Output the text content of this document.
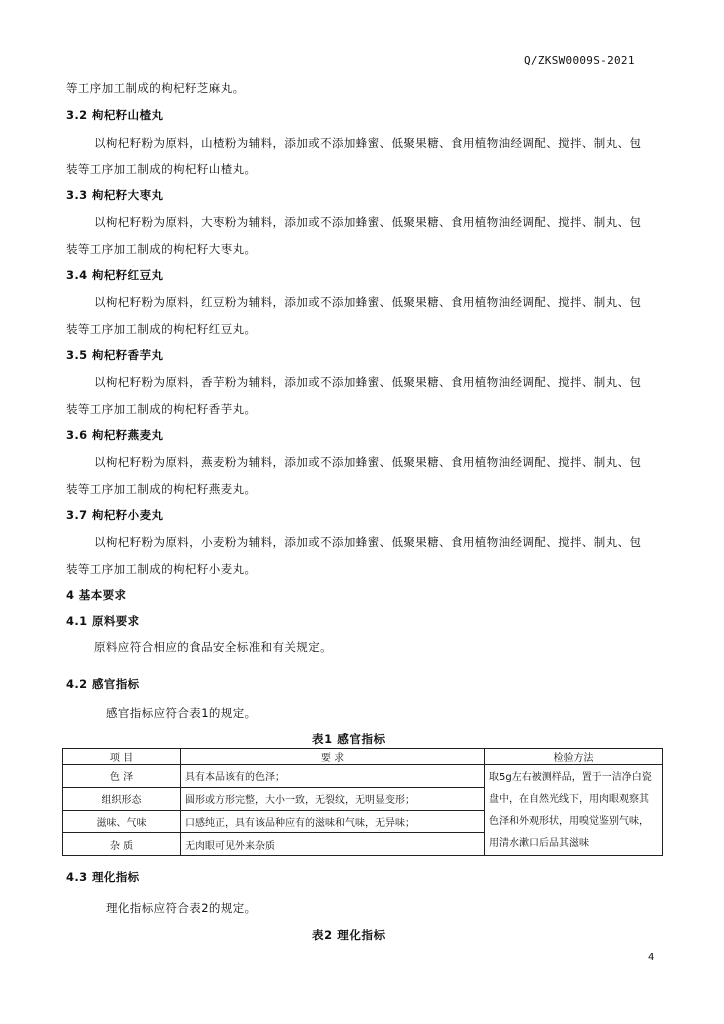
Q/ZKSW0009S-2021
等工序加工制成的枸杞籽芝麻丸。
3.2 枸杞籽山楂丸
以枸杞籽粉为原料，山楂粉为辅料，添加或不添加蜂蜜、低聚果糖、食用植物油经调配、搅拌、制丸、包
装等工序加工制成的枸杞籽山楂丸。
3.3 枸杞籽大枣丸
以枸杞籽粉为原料，大枣粉为辅料，添加或不添加蜂蜜、低聚果糖、食用植物油经调配、搅拌、制丸、包
装等工序加工制成的枸杞籽大枣丸。
3.4 枸杞籽红豆丸
以枸杞籽粉为原料，红豆粉为辅料，添加或不添加蜂蜜、低聚果糖、食用植物油经调配、搅拌、制丸、包
装等工序加工制成的枸杞籽红豆丸。
3.5 枸杞籽香芋丸
以枸杞籽粉为原料，香芋粉为辅料，添加或不添加蜂蜜、低聚果糖、食用植物油经调配、搅拌、制丸、包
装等工序加工制成的枸杞籽香芋丸。
3.6 枸杞籽燕麦丸
以枸杞籽粉为原料，燕麦粉为辅料，添加或不添加蜂蜜、低聚果糖、食用植物油经调配、搅拌、制丸、包
装等工序加工制成的枸杞籽燕麦丸。
3.7 枸杞籽小麦丸
以枸杞籽粉为原料，小麦粉为辅料，添加或不添加蜂蜜、低聚果糖、食用植物油经调配、搅拌、制丸、包
装等工序加工制成的枸杞籽小麦丸。
4 基本要求
4.1 原料要求
原料应符合相应的食品安全标准和有关规定。
4.2 感官指标
感官指标应符合表1的规定。
表1 感官指标
项 目	要 求	检验方法
色 泽	具有本品该有的色泽；	取5g左右被测样品，置于一洁净白瓷盘中，在自然光线下，用肉眼观察其色泽和外观形状，用嗅觉鉴别气味，用清水漱口后品其滋味
组织形态	圆形或方形完整，大小一致，无裂纹，无明显变形；	
滋味、气味	口感纯正，具有该品种应有的滋味和气味，无异味；	
杂 质	无肉眼可见外来杂质	
4.3 理化指标
理化指标应符合表2的规定。
表2 理化指标
4
